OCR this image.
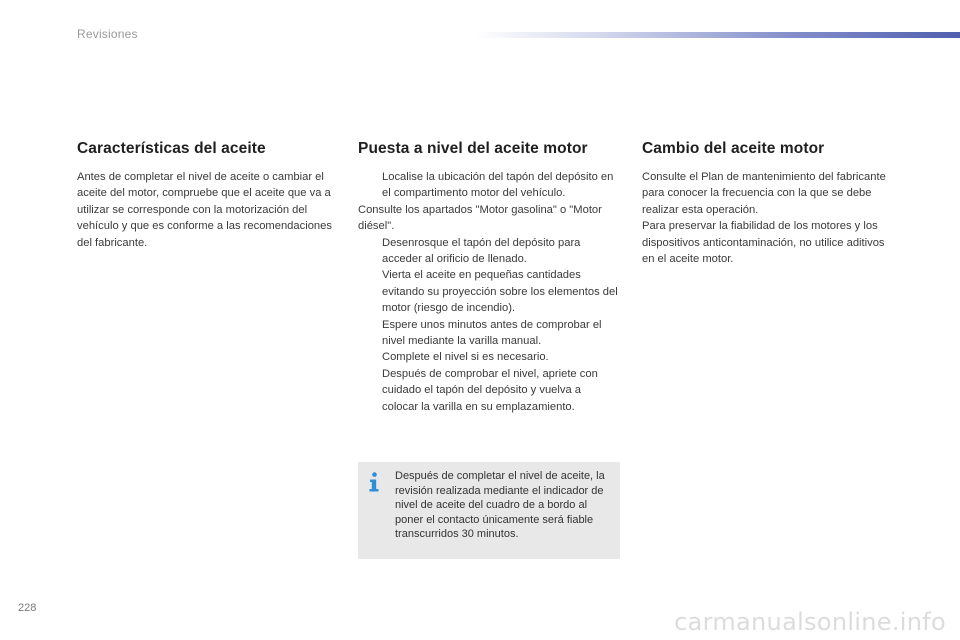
Revisiones
Características del aceite

Antes de completar el nivel de aceite o cambiar el aceite del motor, compruebe que el aceite que va a utilizar se corresponde con la motorización del vehículo y que es conforme a las recomendaciones del fabricante.

Puesta a nivel del aceite motor
Localise la ubicación del tapón del depósito en el compartimento motor del vehículo.
Consulte los apartados "Motor gasolina" o "Motor diésel".
Desenrosque el tapón del depósito para acceder al orificio de llenado.
Vierta el aceite en pequeñas cantidades evitando su proyección sobre los elementos del motor (riesgo de incendio).
Espere unos minutos antes de comprobar el nivel mediante la varilla manual.
Complete el nivel si es necesario.
Después de comprobar el nivel, apriete con cuidado el tapón del depósito y vuelva a colocar la varilla en su emplazamiento.
Después de completar el nivel de aceite, la revisión realizada mediante el indicador de nivel de aceite del cuadro de a bordo al poner el contacto únicamente será fiable transcurridos 30 minutos.
Cambio del aceite motor

Consulte el Plan de mantenimiento del fabricante para conocer la frecuencia con la que se debe realizar esta operación.

Para preservar la fiabilidad de los motores y los dispositivos anticontaminación, no utilice aditivos en el aceite motor.

228	carmanualsonline.info
